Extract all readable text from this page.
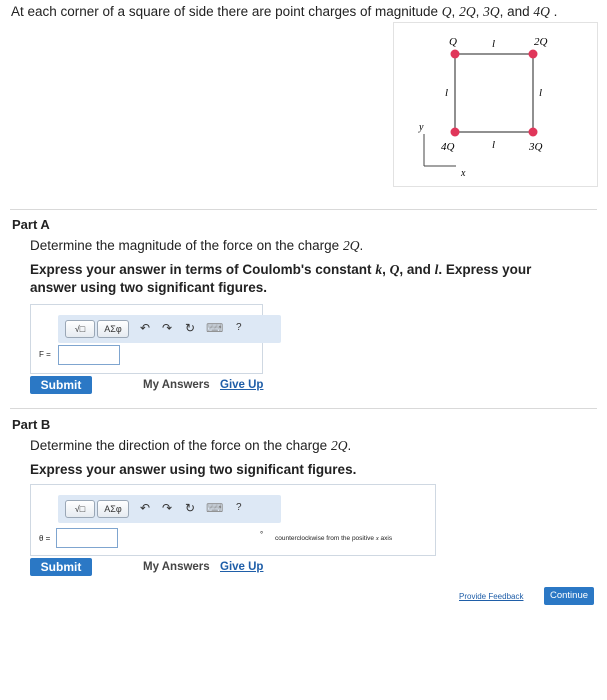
At each corner of a square of side there are point charges of magnitude Q, 2Q, 3Q, and 4Q .
Q	l	2Q
l	l
4Q	l	3Q
y
x
Part A
Determine the magnitude of the force on the charge 2Q.
Express your answer in terms of Coulomb's constant k, Q, and l. Express your
answer using two significant figures.
√□	ΑΣφ	↶ ↷ ↻ ⌨ ?
F =
Submit	My Answers Give Up
Part B
Determine the direction of the force on the charge 2Q.
Express your answer using two significant figures.
√□	ΑΣφ	↶ ↷ ↻ ⌨ ?
θ =	° counterclockwise from the positive x axis
Submit	My Answers Give Up
Provide Feedback	Continue
